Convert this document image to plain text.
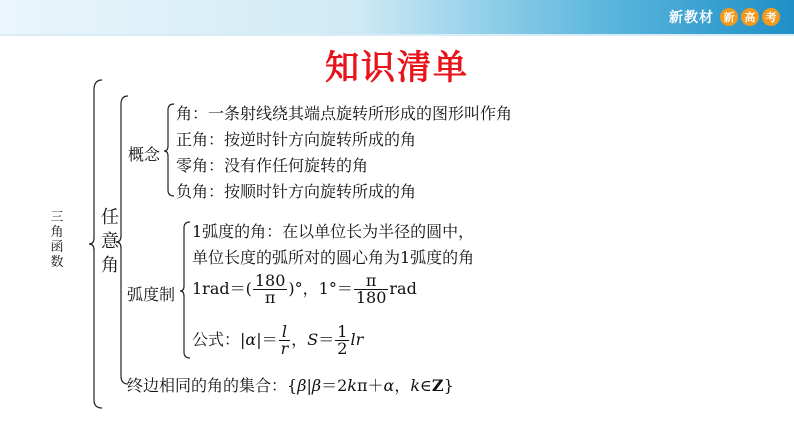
新教材 新 高 考
知识清单
三角函数
任意角
概念
角：一条射线绕其端点旋转所形成的图形叫作角
正角：按逆时针方向旋转所成的角
零角：没有作任何旋转的角
负角：按顺时针方向旋转所成的角
弧度制
1弧度的角：在以单位长为半径的圆中，
单位长度的弧所对的圆心角为1弧度的角
$1rad=( \frac{180}{\pi}$ )°，$1^\circ= \frac{\pi}{180}$ rad
公式：$|\alpha|= \frac{l}{r}$ ，$S= \frac{1}{2}$ lr
终边相同的角的集合：{β|β＝2kπ＋α，k∈Z}
